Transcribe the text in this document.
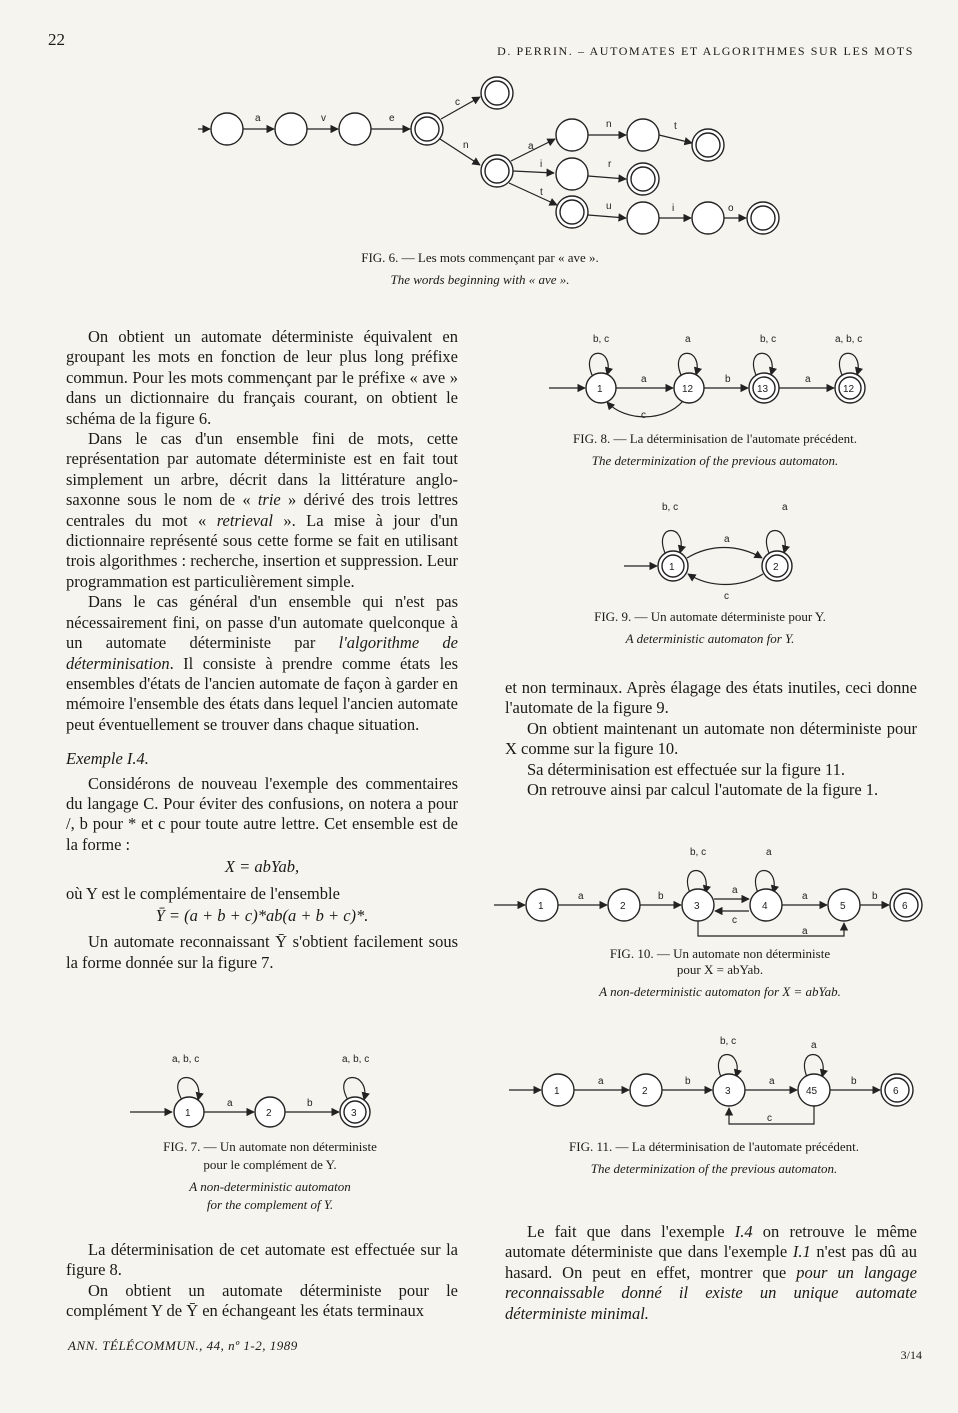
22
D. PERRIN. – AUTOMATES ET ALGORITHMES SUR LES MOTS
a	v	e
c
n	a
i
t
n	t
r
u	i	o
FIG. 6. — Les mots commençant par « ave ».
The words beginning with « ave ».

On obtient un automate déterministe équivalent en groupant les mots en fonction de leur plus long préfixe commun. Pour les mots commençant par le préfixe « ave » dans un dictionnaire du français courant, on obtient le schéma de la figure 6.

Dans le cas d'un ensemble fini de mots, cette représentation par automate déterministe est en fait tout simplement un arbre, décrit dans la littérature anglo-saxonne sous le nom de « trie » dérivé des trois lettres centrales du mot « retrieval ». La mise à jour d'un dictionnaire représenté sous cette forme se fait en utilisant trois algorithmes : recherche, insertion et suppression. Leur programmation est particulièrement simple.

Dans le cas général d'un ensemble qui n'est pas nécessairement fini, on passe d'un automate quelconque à un automate déterministe par l'algorithme de déterminisation. Il consiste à prendre comme états les ensembles d'états de l'ancien automate de façon à garder en mémoire l'ensemble des états dans lequel l'ancien automate peut éventuellement se trouver dans chaque situation.

Exemple I.4.

Considérons de nouveau l'exemple des commentaires du langage C. Pour éviter des confusions, on notera a pour /, b pour * et c pour toute autre lettre. Cet ensemble est de la forme :

X = abYab,

où Y est le complémentaire de l'ensemble

Ȳ = (a + b + c)*ab(a + b + c)*.

Un automate reconnaissant Ȳ s'obtient facilement sous la forme donnée sur la figure 7.

a, b, c	a, b, c
1
a
2
b
3
FIG. 7. — Un automate non déterministe
pour le complément de Y.
A non-deterministic automaton
for the complement of Y.

La déterminisation de cet automate est effectuée sur la figure 8.

On obtient un automate déterministe pour le complément Y de Ȳ en échangeant les états terminaux

b, c	a	b, c	a, b, c
1
a
12
b
13
a
12
c
FIG. 8. — La déterminisation de l'automate précédent.
The determinization of the previous automaton.
b, c	a
1
a
2
c
FIG. 9. — Un automate déterministe pour Y.
A deterministic automaton for Y.

et non terminaux. Après élagage des états inutiles, ceci donne l'automate de la figure 9.

On obtient maintenant un automate non déterministe pour X comme sur la figure 10.

Sa déterminisation est effectuée sur la figure 11.

On retrouve ainsi par calcul l'automate de la figure 1.

b, c	a
1
a
2
b
3
a
c
4
a
5
b
6
a
FIG. 10. — Un automate non déterministe
pour X = abYab.
A non-deterministic automaton for X = abYab.
b, c	a
1
a
2
b
3
a
45
b
6
c
FIG. 11. — La déterminisation de l'automate précédent.
The determinization of the previous automaton.

Le fait que dans l'exemple I.4 on retrouve le même automate déterministe que dans l'exemple I.1 n'est pas dû au hasard. On peut en effet, montrer que pour un langage reconnaissable donné il existe un unique automate déterministe minimal.

ANN. TÉLÉCOMMUN., 44, nº 1-2, 1989
3/14
